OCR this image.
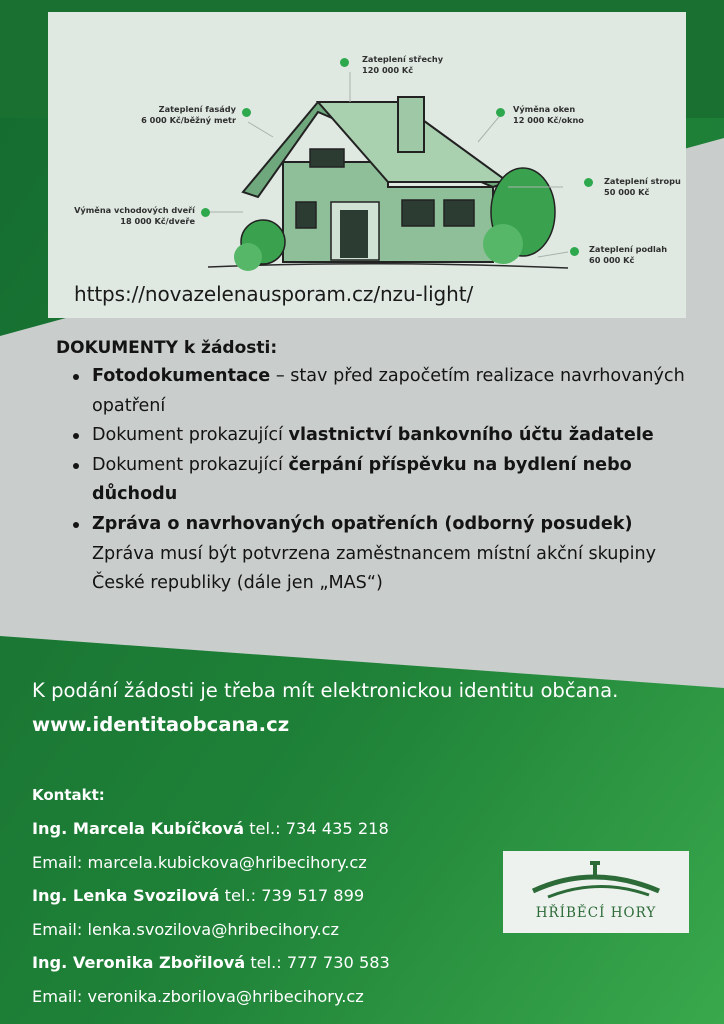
Zateplení střechy
120 000 Kč
Zateplení fasády
6 000 Kč/běžný metr
Výměna oken
12 000 Kč/okno
Zateplení stropu
50 000 Kč
Výměna vchodových dveří
18 000 Kč/dveře
Zateplení podlah
60 000 Kč
https://novazelenausporam.cz/nzu-light/
DOKUMENTY k žádosti:
Fotodokumentace – stav před započetím realizace navrhovaných opatření
Dokument prokazující vlastnictví bankovního účtu žadatele
Dokument prokazující čerpání příspěvku na bydlení nebo důchodu
Zpráva o navrhovaných opatřeních (odborný posudek) Zpráva musí být potvrzena zaměstnancem místní akční skupiny České republiky (dále jen „MAS“)
K podání žádosti je třeba mít elektronickou identitu občana. www.identitaobcana.cz
Kontakt:
Ing. Marcela Kubíčková tel.: 734 435 218
Email: marcela.kubickova@hribecihory.cz
Ing. Lenka Svozilová tel.: 739 517 899
Email: lenka.svozilova@hribecihory.cz
Ing. Veronika Zbořilová tel.: 777 730 583
Email: veronika.zborilova@hribecihory.cz
HŘÍBĚCÍ HORY
